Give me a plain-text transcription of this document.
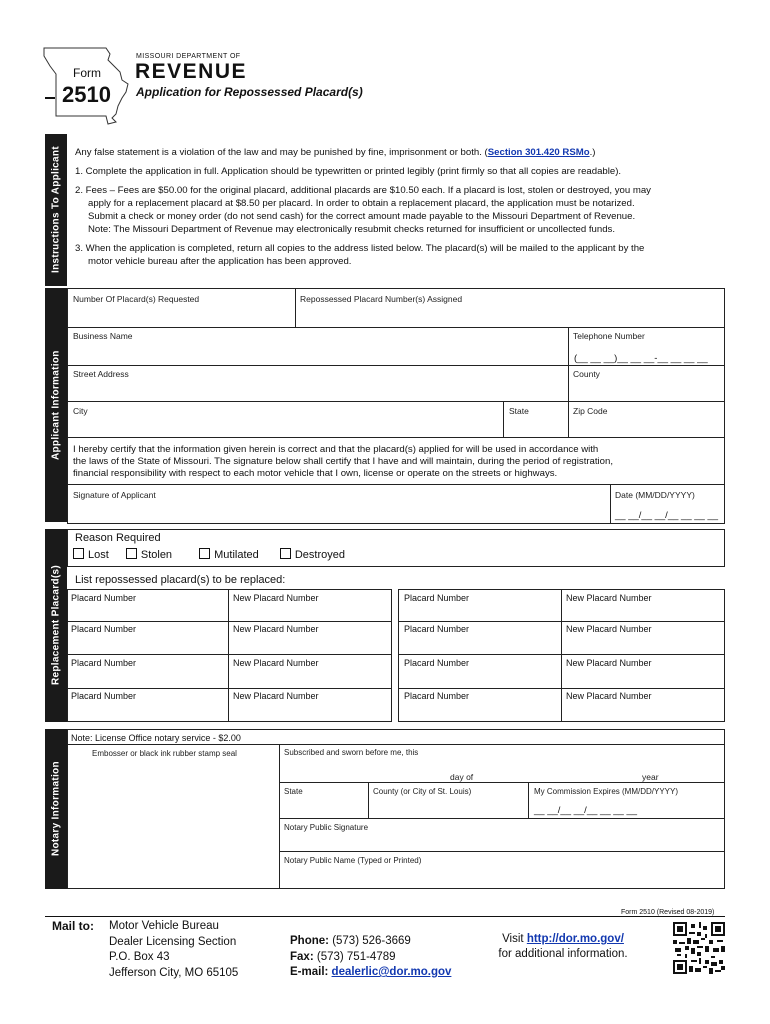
Form
2510
MISSOURI DEPARTMENT OF
REVENUE
Application for Repossessed Placard(s)
Instructions To Applicant	Any false statement is a violation of the law and may be punished by fine, imprisonment or both. (Section 301.420 RSMo.)
1. Complete the application in full. Application should be typewritten or printed legibly (print firmly so that all copies are readable).
2. Fees – Fees are $50.00 for the original placard, additional placards are $10.50 each. If a placard is lost, stolen or destroyed, you may
apply for a replacement placard at $8.50 per placard. In order to obtain a replacement placard, the application must be notarized.
Submit a check or money order (do not send cash) for the correct amount made payable to the Missouri Department of Revenue.
Note: The Missouri Department of Revenue may electronically resubmit checks returned for insufficient or uncollected funds.
3. When the application is completed, return all copies to the address listed below. The placard(s) will be mailed to the applicant by the
motor vehicle bureau after the application has been approved.
Applicant Information
Number Of Placard(s) Requested	Repossessed Placard Number(s) Assigned
Business Name	Telephone Number
(__ __ __)__ __ __-__ __ __ __
Street Address	County
City	State	Zip Code
I hereby certify that the information given herein is correct and that the placard(s) applied for will be used in accordance with
the laws of the State of Missouri. The signature below shall certify that I have and will maintain, during the period of registration,
financial responsibility with respect to each motor vehicle that I own, license or operate on the streets or highways.
Signature of Applicant	Date (MM/DD/YYYY)
__ __/__ __/__ __ __ __
Replacement Placard(s)
Reason Required
Lost	Stolen	Mutilated	Destroyed
List repossessed placard(s) to be replaced:
Placard Number	New Placard Number	Placard Number	New Placard Number
Placard Number	New Placard Number	Placard Number	New Placard Number
Placard Number	New Placard Number	Placard Number	New Placard Number
Placard Number	New Placard Number	Placard Number	New Placard Number
Notary Information
Note: License Office notary service - $2.00
Embosser or black ink rubber stamp seal	Subscribed and sworn before me, this
day of	year
State	County (or City of St. Louis)	My Commission Expires (MM/DD/YYYY)
__ __/__ __/__ __ __ __
Notary Public Signature
Notary Public Name (Typed or Printed)
Form 2510 (Revised 08-2019)
Mail to: Motor Vehicle Bureau
Dealer Licensing Section
P.O. Box 43
Jefferson City, MO 65105
Phone: (573) 526-3669
Fax: (573) 751-4789
E-mail: dealerlic@dor.mo.gov
Visit http://dor.mo.gov/
for additional information.
